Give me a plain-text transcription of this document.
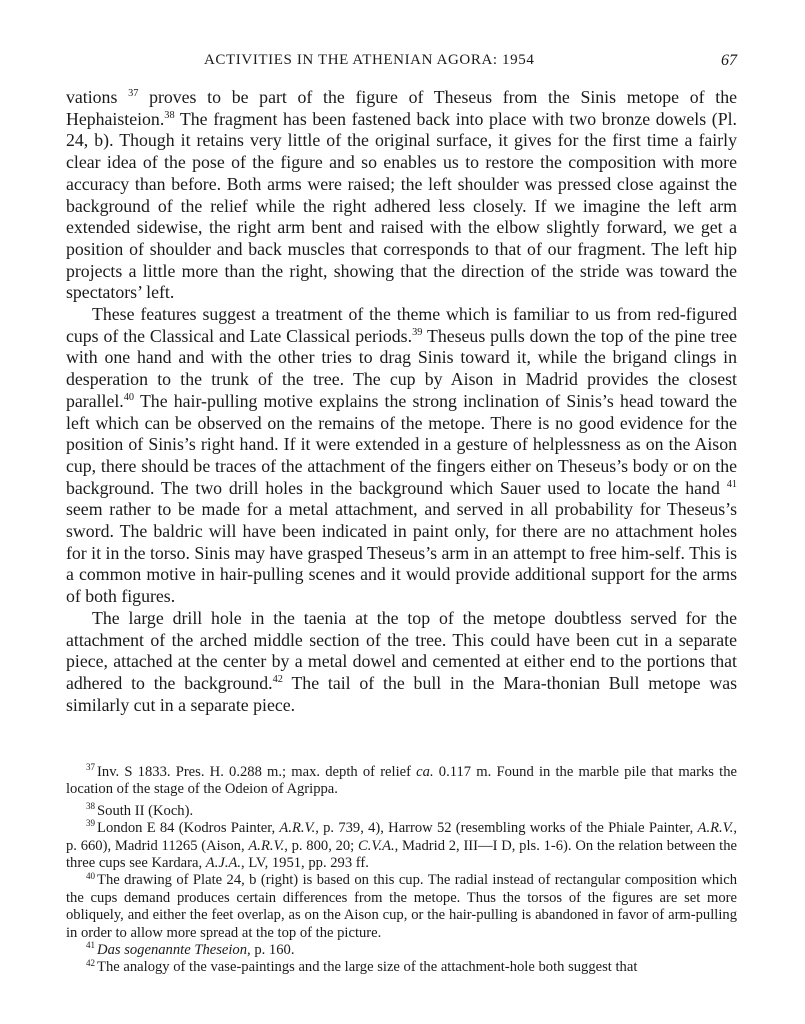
ACTIVITIES IN THE ATHENIAN AGORA: 1954	67

vations $^{37}$ proves to be part of the figure of Theseus from the Sinis metope of the Hephaisteion.$^{38}$ The fragment has been fastened back into place with two bronze dowels (Pl. 24, b). Though it retains very little of the original surface, it gives for the first time a fairly clear idea of the pose of the figure and so enables us to restore the composition with more accuracy than before. Both arms were raised; the left shoulder was pressed close against the background of the relief while the right adhered less closely. If we imagine the left arm extended sidewise, the right arm bent and raised with the elbow slightly forward, we get a position of shoulder and back muscles that corresponds to that of our fragment. The left hip projects a little more than the right, showing that the direction of the stride was toward the spectators’ left.

These features suggest a treatment of the theme which is familiar to us from red-figured cups of the Classical and Late Classical periods.$^{39}$ Theseus pulls down the top of the pine tree with one hand and with the other tries to drag Sinis toward it, while the brigand clings in desperation to the trunk of the tree. The cup by Aison in Madrid provides the closest parallel.$^{40}$ The hair-pulling motive explains the strong inclination of Sinis’s head toward the left which can be observed on the remains of the metope. There is no good evidence for the position of Sinis’s right hand. If it were extended in a gesture of helplessness as on the Aison cup, there should be traces of the attachment of the fingers either on Theseus’s body or on the background. The two drill holes in the background which Sauer used to locate the hand $^{41}$ seem rather to be made for a metal attachment, and served in all probability for Theseus’s sword. The baldric will have been indicated in paint only, for there are no attachment holes for it in the torso. Sinis may have grasped Theseus’s arm in an attempt to free him-self. This is a common motive in hair-pulling scenes and it would provide additional support for the arms of both figures.

The large drill hole in the taenia at the top of the metope doubtless served for the attachment of the arched middle section of the tree. This could have been cut in a separate piece, attached at the center by a metal dowel and cemented at either end to the portions that adhered to the background.$^{42}$ The tail of the bull in the Mara-thonian Bull metope was similarly cut in a separate piece.

$^{37}$ Inv. S 1833. Pres. H. 0.288 m.; max. depth of relief ca. 0.117 m. Found in the marble pile that marks the location of the stage of the Odeion of Agrippa.

$^{38}$ South II (Koch).

$^{39}$ London E 84 (Kodros Painter, A.R.V., p. 739, 4), Harrow 52 (resembling works of the Phiale Painter, A.R.V., p. 660), Madrid 11265 (Aison, A.R.V., p. 800, 20; C.V.A., Madrid 2, III—I D, pls. 1-6). On the relation between the three cups see Kardara, A.J.A., LV, 1951, pp. 293 ff.

$^{40}$ The drawing of Plate 24, b (right) is based on this cup. The radial instead of rectangular composition which the cups demand produces certain differences from the metope. Thus the torsos of the figures are set more obliquely, and either the feet overlap, as on the Aison cup, or the hair-pulling is abandoned in favor of arm-pulling in order to allow more spread at the top of the picture.

$^{41}$ Das sogenannte Theseion, p. 160.

$^{42}$ The analogy of the vase-paintings and the large size of the attachment-hole both suggest that
